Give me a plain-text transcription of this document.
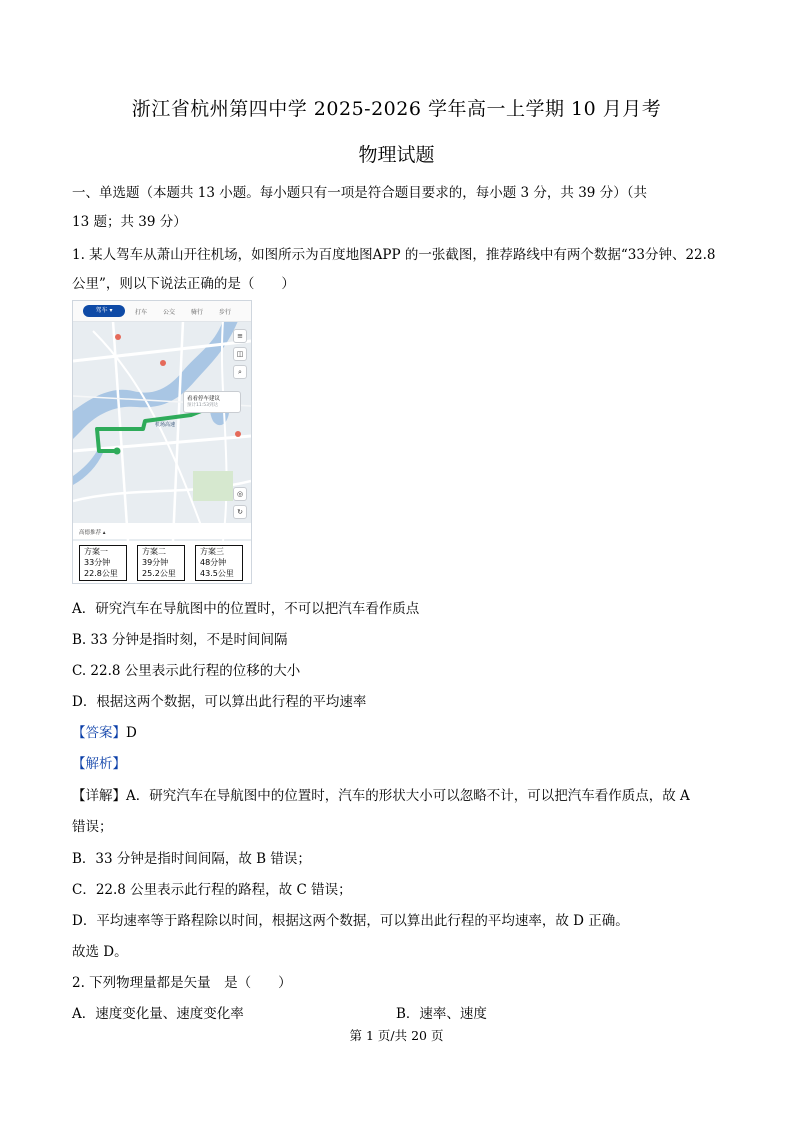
浙江省杭州第四中学 2025-2026 学年高一上学期 10 月月考
物理试题
一、单选题（本题共 13 小题。每小题只有一项是符合题目要求的，每小题 3 分，共 39 分）（共
13 题；共 39 分）
1. 某人驾车从萧山开往机场，如图所示为百度地图APP 的一张截图，推荐路线中有两个数据“33分钟、22.8
公里”，则以下说法正确的是（　　）
机场高速
驾车 ▾	打车	公交	骑行	步行
≡
◫
⌕
看看停车建议
预计11:53到达
↻
◎
高德推荐 ▴
方案一
33分钟
22.8公里
方案二
39分钟
25.2公里
方案三
48分钟
43.5公里
A．研究汽车在导航图中的位置时，不可以把汽车看作质点
B. 33 分钟是指时刻，不是时间间隔
C. 22.8 公里表示此行程的位移的大小
D．根据这两个数据，可以算出此行程的平均速率
【答案】D
【解析】
【详解】A．研究汽车在导航图中的位置时，汽车的形状大小可以忽略不计，可以把汽车看作质点，故 A
错误；
B．33 分钟是指时间间隔，故 B 错误；
C．22.8 公里表示此行程的路程，故 C 错误；
D．平均速率等于路程除以时间，根据这两个数据，可以算出此行程的平均速率，故 D 正确。
故选 D。
2. 下列物理量都是矢量　是（　　）
A．速度变化量、速度变化率	B．速率、速度
第 1 页/共 20 页
